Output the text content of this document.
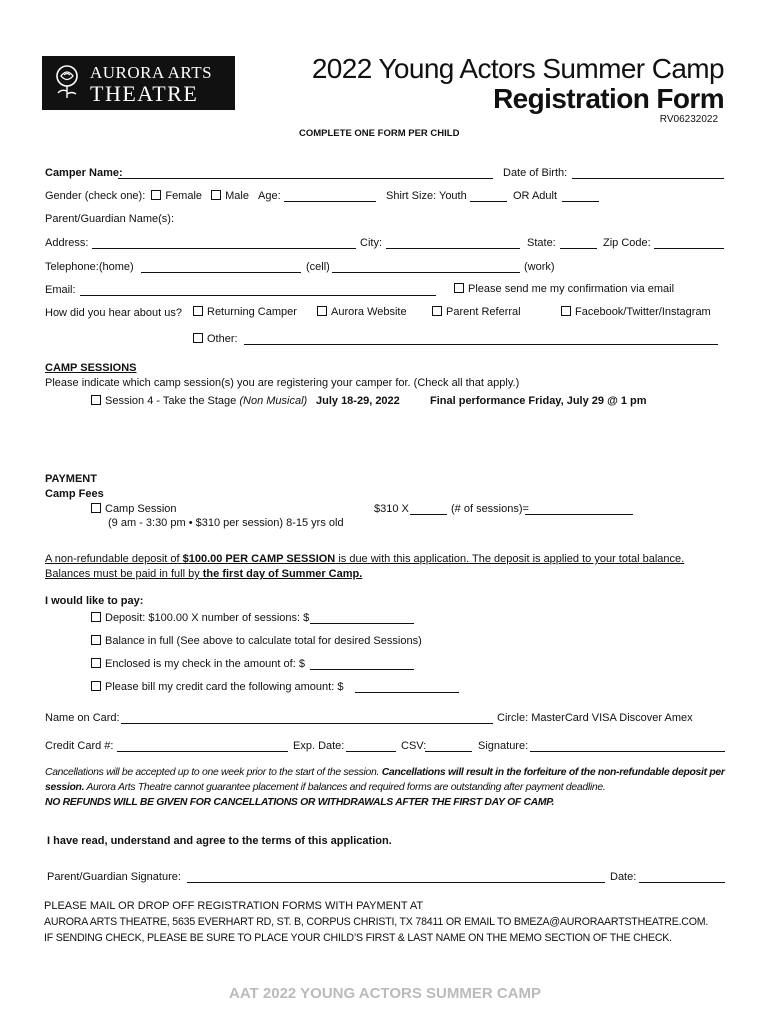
AURORA ARTS
THEATRE
2022 Young Actors Summer Camp
Registration Form
RV06232022
COMPLETE ONE FORM PER CHILD
Camper Name:	Date of Birth:
Gender (check one): Female Male Age:	Shirt Size: Youth	OR Adult
Parent/Guardian Name(s):
Address:	City:	State:	Zip Code:
Telephone:(home)	(cell)	(work)
Email:	Please send me my confirmation via email
How did you hear about us?	Returning Camper	Aurora Website	Parent Referral	Facebook/Twitter/Instagram
Other:
CAMP SESSIONS
Please indicate which camp session(s) you are registering your camper for. (Check all that apply.)
Session 4 - Take the Stage (Non Musical) July 18-29, 2022	Final performance Friday, July 29 @ 1 pm
PAYMENT
Camp Fees
Camp Session	$310 X	(# of sessions)=
(9 am - 3:30 pm • $310 per session) 8-15 yrs old
A non-refundable deposit of $100.00 PER CAMP SESSION is due with this application. The deposit is applied to your total balance.
Balances must be paid in full by the first day of Summer Camp.
I would like to pay:
Deposit: $100.00 X number of sessions: $
Balance in full (See above to calculate total for desired Sessions)
Enclosed is my check in the amount of: $
Please bill my credit card the following amount: $
Name on Card:	Circle: MasterCard VISA Discover Amex
Credit Card #:	Exp. Date:	CSV:	Signature:
Cancellations will be accepted up to one week prior to the start of the session. Cancellations will result in the forfeiture of the non-refundable deposit per session. Aurora Arts Theatre cannot guarantee placement if balances and required forms are outstanding after payment deadline.
NO REFUNDS WILL BE GIVEN FOR CANCELLATIONS OR WITHDRAWALS AFTER THE FIRST DAY OF CAMP.
I have read, understand and agree to the terms of this application.
Parent/Guardian Signature:	Date:
PLEASE MAIL OR DROP OFF REGISTRATION FORMS WITH PAYMENT AT
AURORA ARTS THEATRE, 5635 EVERHART RD, ST. B, CORPUS CHRISTI, TX 78411 OR EMAIL TO BMEZA@AURORAARTSTHEATRE.COM.
IF SENDING CHECK, PLEASE BE SURE TO PLACE YOUR CHILD’S FIRST & LAST NAME ON THE MEMO SECTION OF THE CHECK.
AAT 2022 YOUNG ACTORS SUMMER CAMP
